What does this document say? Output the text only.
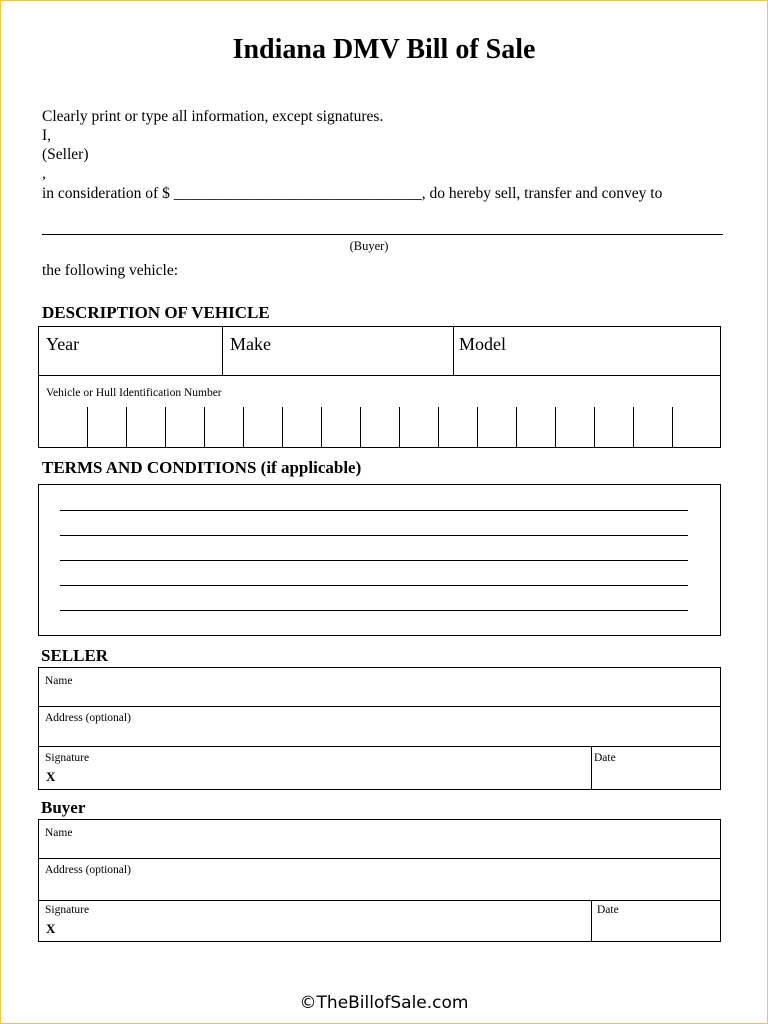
Indiana DMV Bill of Sale
Clearly print or type all information, except signatures.
I,
(Seller)
,
in consideration of $ ________________________________, do hereby sell, transfer and convey to
(Buyer)
the following vehicle:
DESCRIPTION OF VEHICLE
Year	Make	Model
Vehicle or Hull Identification Number
TERMS AND CONDITIONS (if applicable)
SELLER
Name
Address (optional)
Signature
X
Date
Buyer
Name
Address (optional)
Signature
X
Date
©TheBillofSale.com
